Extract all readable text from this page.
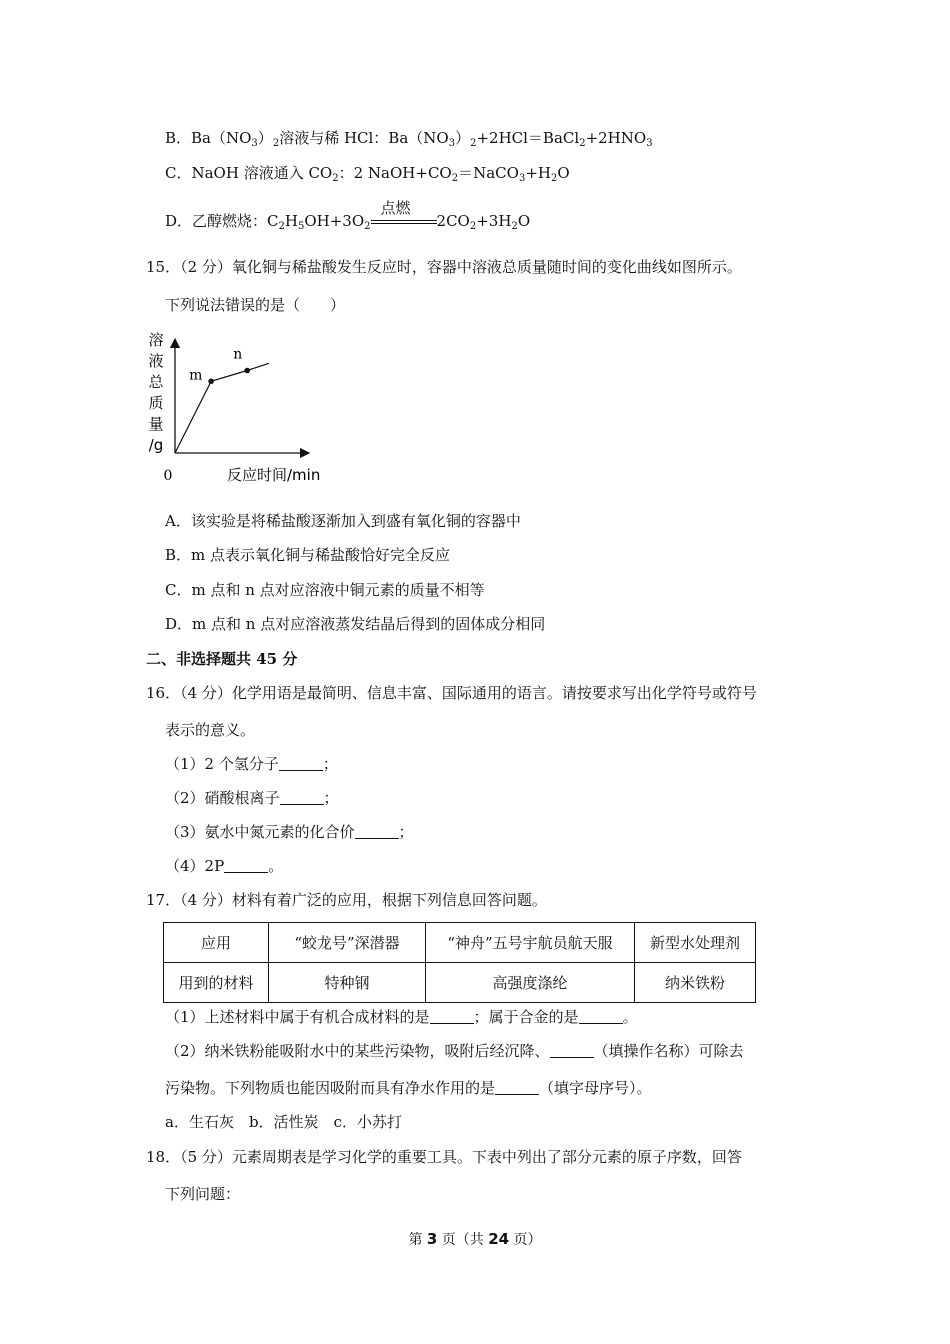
B．$Ba(NO_3)_2$溶液与稀 HCl：$Ba(NO_3)_2+2HCl=BaCl_2+2HNO_3$
C．NaOH 溶液通入 $CO_2$：2 $NaOH+CO_2=NaCO_3+H_2O$
D．乙醇燃烧：$C_2H_5OH+3O_2$
点燃
$2CO_2+3H_2O$
15．（2 分）氧化铜与稀盐酸发生反应时，容器中溶液总质量随时间的变化曲线如图所示。
下列说法错误的是（　　）
溶
液
总
质
量
/g
m
n
0	反应时间/min
A．该实验是将稀盐酸逐渐加入到盛有氧化铜的容器中
B．m 点表示氧化铜与稀盐酸恰好完全反应
C．m 点和 n 点对应溶液中铜元素的质量不相等
D．m 点和 n 点对应溶液蒸发结晶后得到的固体成分相同
二、非选择题共 45 分
16．（4 分）化学用语是最简明、信息丰富、国际通用的语言。请按要求写出化学符号或符号
表示的意义。
（1）2 个氢分子	；
（2）硝酸根离子	；
（3）氨水中氮元素的化合价	；
（4）2P	。
17．（4 分）材料有着广泛的应用，根据下列信息回答问题。
应用	“蛟龙号”深潜器	“神舟”五号宇航员航天服	新型水处理剂
用到的材料	特种钢	高强度涤纶	纳米铁粉
（1）上述材料中属于有机合成材料的是	；属于合金的是	。
（2）纳米铁粉能吸附水中的某些污染物，吸附后经沉降、	（填操作名称）可除去
污染物。下列物质也能因吸附而具有净水作用的是	（填字母序号）。
a．生石灰　b．活性炭　c．小苏打
18．（5 分）元素周期表是学习化学的重要工具。下表中列出了部分元素的原子序数，回答
下列问题：
第 3 页（共 24 页）
